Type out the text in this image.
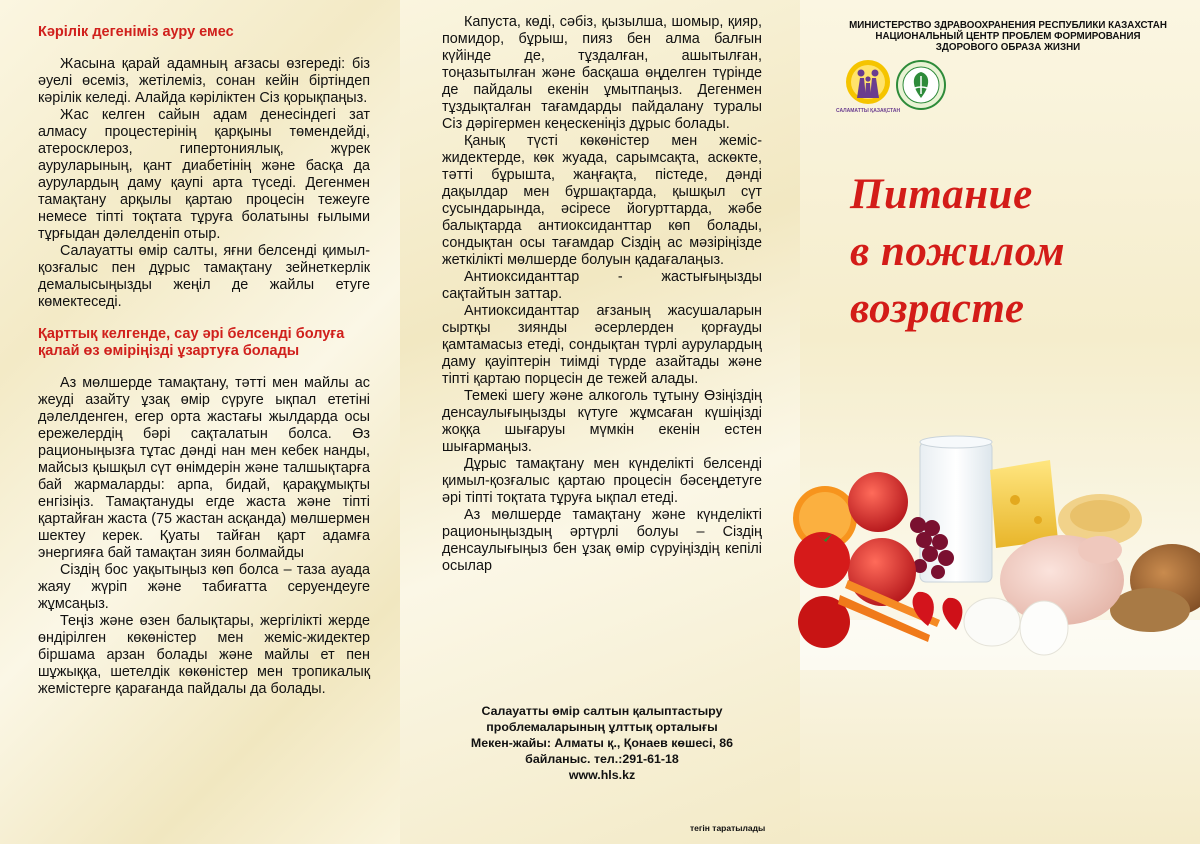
Кәрілік дегеніміз ауру емес

Жасына қарай адамның ағзасы өзгереді: біз әуелі өсеміз, жетілеміз, сонан кейін біртіндеп кәрілік келеді. Алайда кәріліктен Сіз қорықпаңыз.

Жас келген сайын адам денесіндегі зат алмасу процестерінің қарқыны төмендейді, атеросклероз, гипертониялық, жүрек ауруларының, қант диабетінің және басқа да аурулардың даму қаупі арта түседі. Дегенмен тамақтану арқылы қартаю процесін тежеуге немесе тіпті тоқтата тұруға болатыны ғылыми тұрғыдан дәлелденіп отыр.

Салауатты өмір салты, яғни белсенді қимыл-қозғалыс пен дұрыс тамақтану зейнеткерлік демалысыңызды жеңіл де жайлы етуге көмектеседі.

Қарттық келгенде, сау әрі белсенді болуға қалай өз өміріңізді ұзартуға болады

Аз мөлшерде тамақтану, тәтті мен майлы ас жеуді азайту ұзақ өмір сүруге ықпал ететіні дәлелденген, егер орта жастағы жылдарда осы ережелердің бәрі сақталатын болса. Өз рационыңызға тұтас дәнді нан мен кебек нанды, майсыз қышқыл сүт өнімдерін және талшықтарға бай жармаларды: арпа, бидай, қарақұмықты енгізіңіз. Тамақтануды егде жаста және тіпті қартайған жаста (75 жастан асқанда) мөлшермен шектеу керек. Қуаты тайған қарт адамға энергияға бай тамақтан зиян болмайды

Сіздің бос уақытыңыз көп болса – таза ауада жаяу жүріп және табиғатта серуендеуге жұмсаңыз.

Теңіз және өзен балықтары, жергілікті жерде өндірілген көкөністер мен жеміс-жидектер біршама арзан болады және майлы ет пен шұжыққа, шетелдік көкөністер мен тропикалық жемістерге қарағанда пайдалы да болады.

Капуста, көді, сәбіз, қызылша, шомыр, қияр, помидор, бұрыш, пияз бен алма балғын күйінде де, тұздалған, ашытылған, тоңазытылған және басқаша өңделген түрінде де пайдалы екенін ұмытпаңыз. Дегенмен тұздықталған тағамдарды пайдалану туралы Сіз дәрігермен кеңескеніңіз дұрыс болады.

Қанық түсті көкөністер мен жеміс-жидектерде, көк жуада, сарымсақта, аскөкте, тәтті бұрышта, жаңғақта, пістеде, дәнді дақылдар мен бұршақтарда, қышқыл сүт сусындарында, әсіресе йогурттарда, жәбе балықтарда антиоксиданттар көп болады, сондықтан осы тағамдар Сіздің ас мәзіріңізде жеткілікті мөлшерде болуын қадағалаңыз.

Антиоксиданттар - жастығыңызды сақтайтын заттар.

Антиоксиданттар ағзаның жасушаларын сыртқы зиянды әсерлерден қорғауды қамтамасыз етеді, сондықтан түрлі аурулардың даму қауіптерін тиімді түрде азайтады және тіпті қартаю порцесін де тежей алады.

Темекі шегу және алкоголь тұтыну Өзіңіздің денсаулығыңызды күтуге жұмсаған күшіңізді жоққа шығаруы мүмкін екенін естен шығармаңыз.

Дұрыс тамақтану мен күнделікті белсенді қимыл-қозғалыс қартаю процесін бәсеңдетуге әрі тіпті тоқтата тұруға ықпал етеді.

Аз мөлшерде тамақтану және күнделікті рационыңыздың әртүрлі болуы – Сіздің денсаулығыңыз бен ұзақ өмір сүруіңіздің кепілі осылар

Салауатты өмір салтын қалыптастыру
проблемаларының ұлттық орталығы
Мекен-жайы: Алматы қ., Қонаев көшесі, 86
байланыс. тел.:291-61-18
www.hls.kz
тегін таратылады
МИНИСТЕРСТВО ЗДРАВООХРАНЕНИЯ РЕСПУБЛИКИ КАЗАХСТАН
НАЦИОНАЛЬНЫЙ ЦЕНТР ПРОБЛЕМ ФОРМИРОВАНИЯ
ЗДОРОВОГО ОБРАЗА ЖИЗНИ
САЛАМАТТЫ ҚАЗАҚСТАН
Питание
в пожилом
возрасте
